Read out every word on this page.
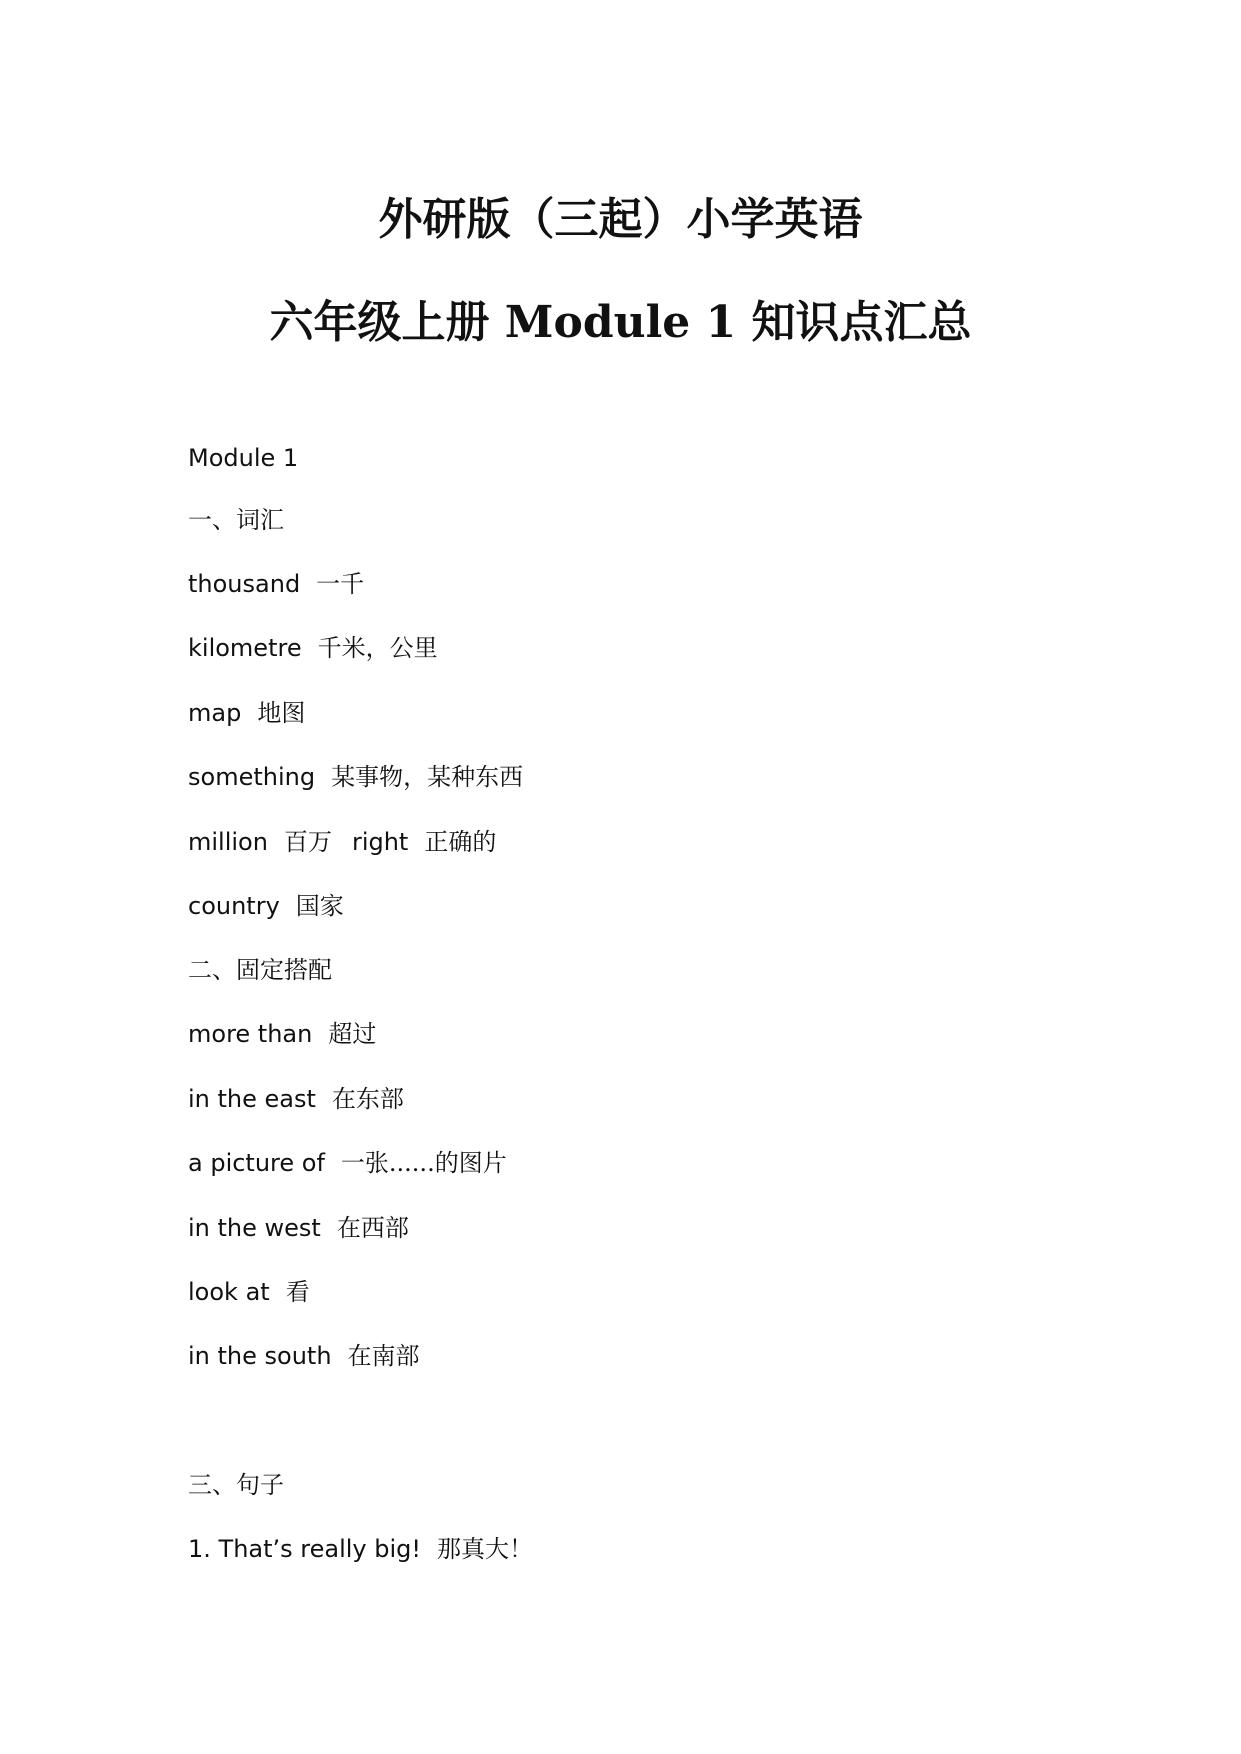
外研版（三起）小学英语
六年级上册 Module 1 知识点汇总
Module 1
一、词汇
thousand 一千
kilometre 千米，公里
map 地图
something 某事物，某种东西
million 百万 right 正确的
country 国家
二、固定搭配
more than 超过
in the east 在东部
a picture of 一张......的图片
in the west 在西部
look at 看
in the south 在南部
三、句子
1. That’s really big! 那真大！
